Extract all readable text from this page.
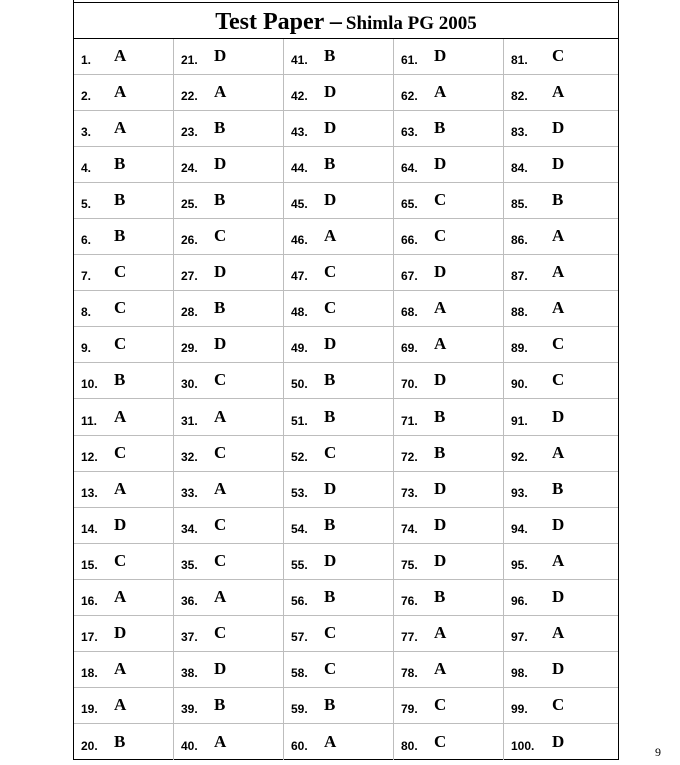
Test Paper – Shimla PG 2005
1. A	21. D	41. B	61. D	81. C
2. A	22. A	42. D	62. A	82. A
3. A	23. B	43. D	63. B	83. D
4. B	24. D	44. B	64. D	84. D
5. B	25. B	45. D	65. C	85. B
6. B	26. C	46. A	66. C	86. A
7. C	27. D	47. C	67. D	87. A
8. C	28. B	48. C	68. A	88. A
9. C	29. D	49. D	69. A	89. C
10. B	30. C	50. B	70. D	90. C
11. A	31. A	51. B	71. B	91. D
12. C	32. C	52. C	72. B	92. A
13. A	33. A	53. D	73. D	93. B
14. D	34. C	54. B	74. D	94. D
15. C	35. C	55. D	75. D	95. A
16. A	36. A	56. B	76. B	96. D
17. D	37. C	57. C	77. A	97. A
18. A	38. D	58. C	78. A	98. D
19. A	39. B	59. B	79. C	99. C
20. B	40. A	60. A	80. C	100. D
9
